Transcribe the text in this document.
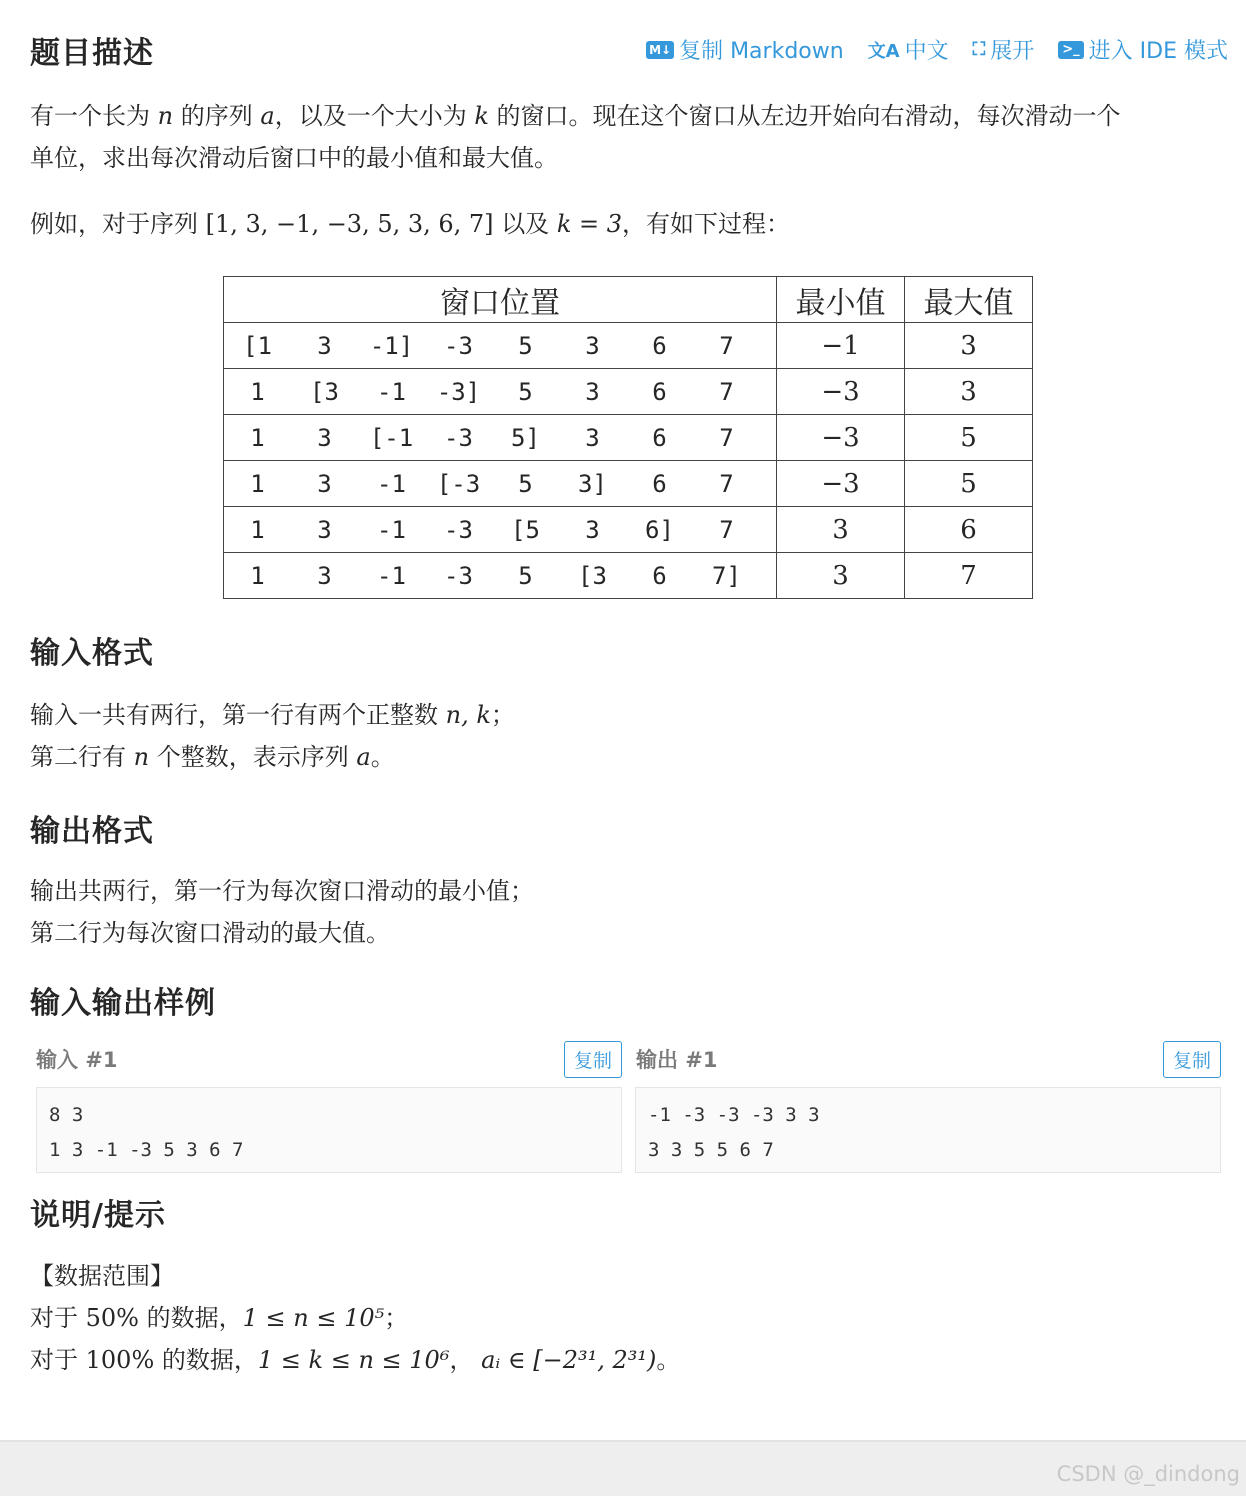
题目描述	M↓ 复制 Markdown 文A 中文 ⛶ 展开	>_ 进入 IDE 模式

有一个长为 n 的序列 a，以及一个大小为 k 的窗口。现在这个窗口从左边开始向右滑动，每次滑动一个
单位，求出每次滑动后窗口中的最小值和最大值。

例如，对于序列 [1, 3, −1, −3, 5, 3, 6, 7] 以及 k = 3，有如下过程：

窗口位置	最小值	最大值
[1 3 -1] -3 5 3 6 7	−1	3
1 [3 -1 -3] 5 3 6 7	−3	3
1 3 [-1 -3 5] 3 6 7	−3	5
1 3 -1 [-3 5 3] 6 7	−3	5
1 3 -1 -3 [5 3 6] 7	3	6
1 3 -1 -3 5 [3 6 7]	3	7
输入格式

输入一共有两行，第一行有两个正整数 n, k；

第二行有 n 个整数，表示序列 a。

输出格式

输出共两行，第一行为每次窗口滑动的最小值；

第二行为每次窗口滑动的最大值。

输入输出样例
输入 #1	复制	输出 #1	复制
8 3
1 3 -1 -3 5 3 6 7
-1 -3 -3 -3 3 3
3 3 5 5 6 7
说明/提示

【数据范围】

对于 50% 的数据，1 ≤ n ≤ 10⁵；

对于 100% 的数据，1 ≤ k ≤ n ≤ 10⁶， aᵢ ∈ [−2³¹, 2³¹)。

CSDN @_dindong
